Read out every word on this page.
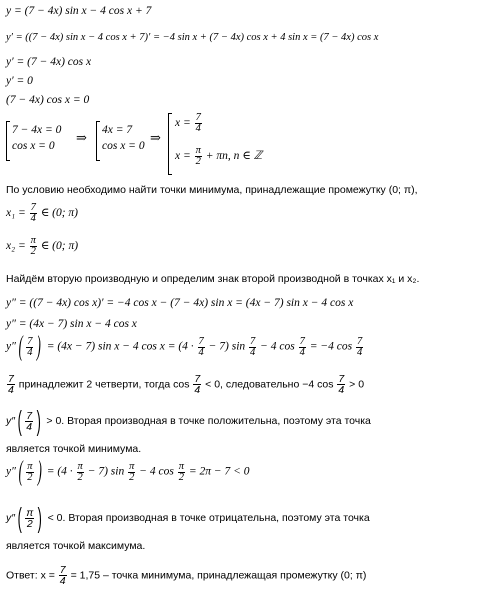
y = (7 − 4x) sin x − 4 cos x + 7
y′ = ((7 − 4x) sin x − 4 cos x + 7)′ = −4 sin x + (7 − 4x) cos x + 4 sin x = (7 − 4x) cos x
y′ = (7 − 4x) cos x
y′ = 0
(7 − 4x) cos x = 0
7 − 4x = 0
cos x = 0
⇒ 4x = 7
cos x = 0
⇒
$x = \frac{7}{4}$
$x = \frac{\pi}{2} + \pi n$, n ∈ ℤ
По условию необходимо найти точки минимума, принадлежащие промежутку (0; π),
$x_1 = \frac{7}{4}$ ∈ (0; π)
$x_2 = \frac{\pi}{2}$ ∈ (0; π)
Найдём вторую производную и определим знак второй производной в точках x₁ и x₂.
y″ = ((7 − 4x) cos x)′ = −4 cos x − (7 − 4x) sin x = (4x − 7) sin x − 4 cos x
y″ = (4x − 7) sin x − 4 cos x
$y''( \frac{7}{4}$ ) = (4x − 7) sin x − 4 $\cos x = (4 \cdot \frac{7}{4} - 7)$ $\sin \frac{7}{4} - 4$ $\cos \frac{7}{4} = -4$ $\cos \frac{7}{4}$
$\frac{7}{4}$ принадлежит 2 четверти, тогда $\cos \frac{7}{4} < 0$, следовательно −4 $\cos \frac{7}{4} > 0$
$y''( \frac{7}{4}$ ) > 0. Вторая производная в точке положительна, поэтому эта точка
является точкой минимума.
$y''( \frac{\pi}{2}$ ) = $(4 \cdot \frac{\pi}{2} - 7)$ $\sin \frac{\pi}{2} - 4$ $\cos \frac{\pi}{2} = 2\pi - 7 < 0$
$y''( \frac{\pi}{2}$ ) < 0. Вторая производная в точке отрицательна, поэтому эта точка
является точкой максимума.
Ответ: $x = \frac{7}{4} = 1,75$ – точка минимума, принадлежащая промежутку (0; π)
